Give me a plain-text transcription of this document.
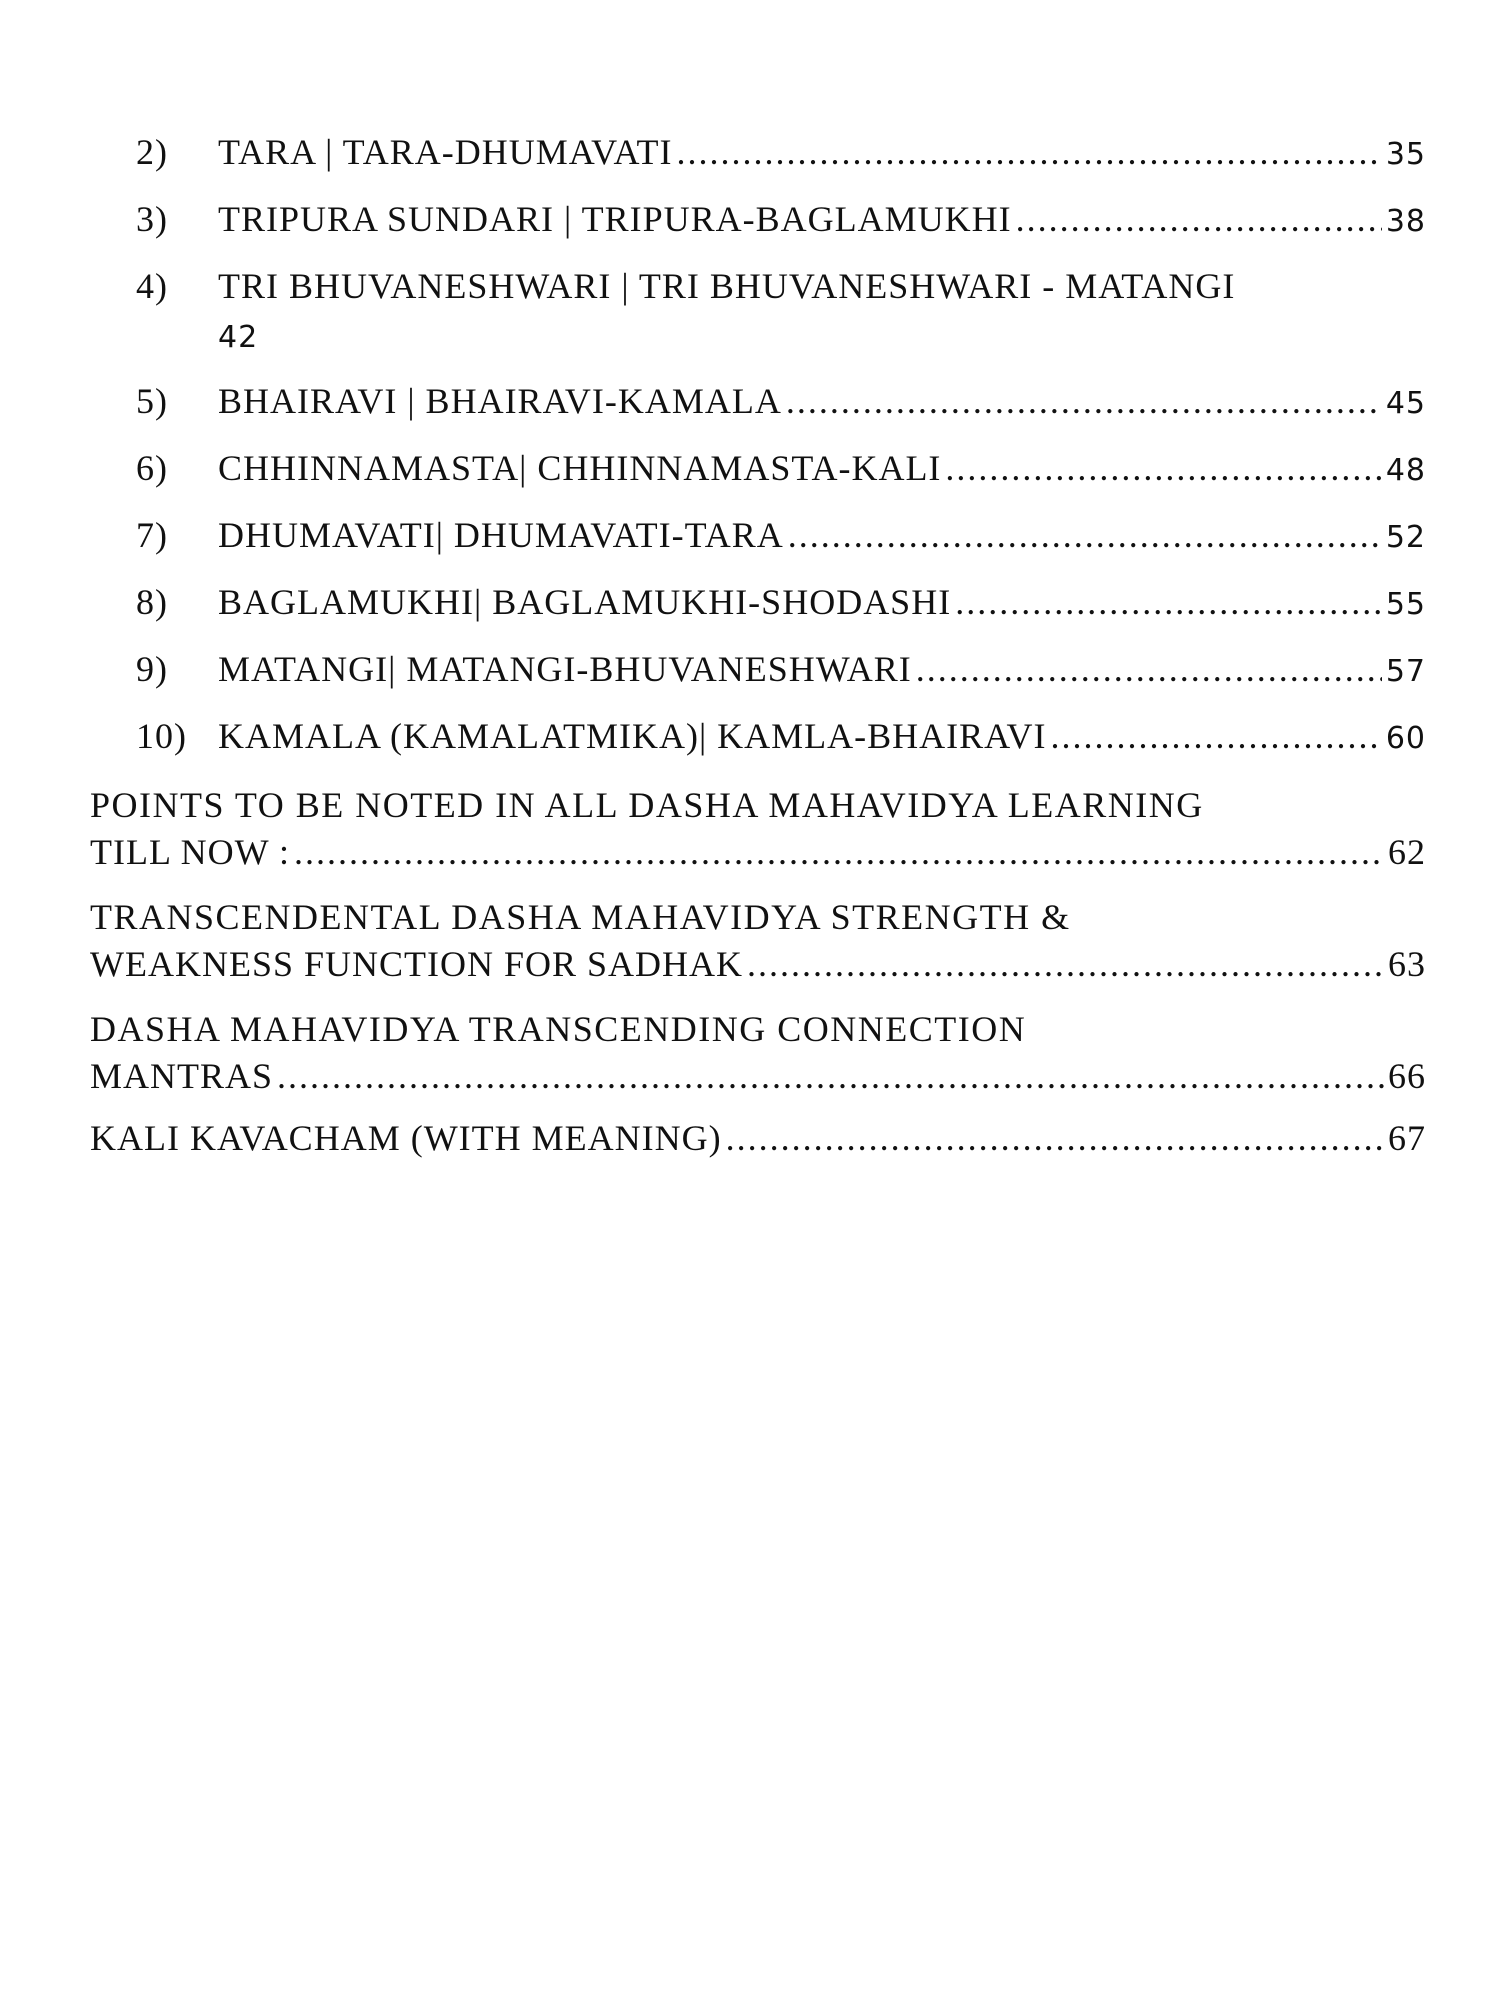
2)	TARA | TARA-DHUMAVATI .....	35
3)	TRIPURA SUNDARI | TRIPURA-BAGLAMUKHI .....	38
4)	TRI BHUVANESHWARI | TRI BHUVANESHWARI - MATANGI
42
5)	BHAIRAVI | BHAIRAVI-KAMALA .....	45
6)	CHHINNAMASTA| CHHINNAMASTA-KALI .....	48
7)	DHUMAVATI| DHUMAVATI-TARA .....	52
8)	BAGLAMUKHI| BAGLAMUKHI-SHODASHI .....	55
9)	MATANGI| MATANGI-BHUVANESHWARI .....	57
10) KAMALA (KAMALATMIKA)| KAMLA-BHAIRAVI .....	60
POINTS TO BE NOTED IN ALL DASHA MAHAVIDYA LEARNING
TILL NOW : .....	62
TRANSCENDENTAL DASHA MAHAVIDYA STRENGTH &
WEAKNESS FUNCTION FOR SADHAK .....	63
DASHA MAHAVIDYA TRANSCENDING CONNECTION
MANTRAS .....	66
KALI KAVACHAM (WITH MEANING) .....	67
